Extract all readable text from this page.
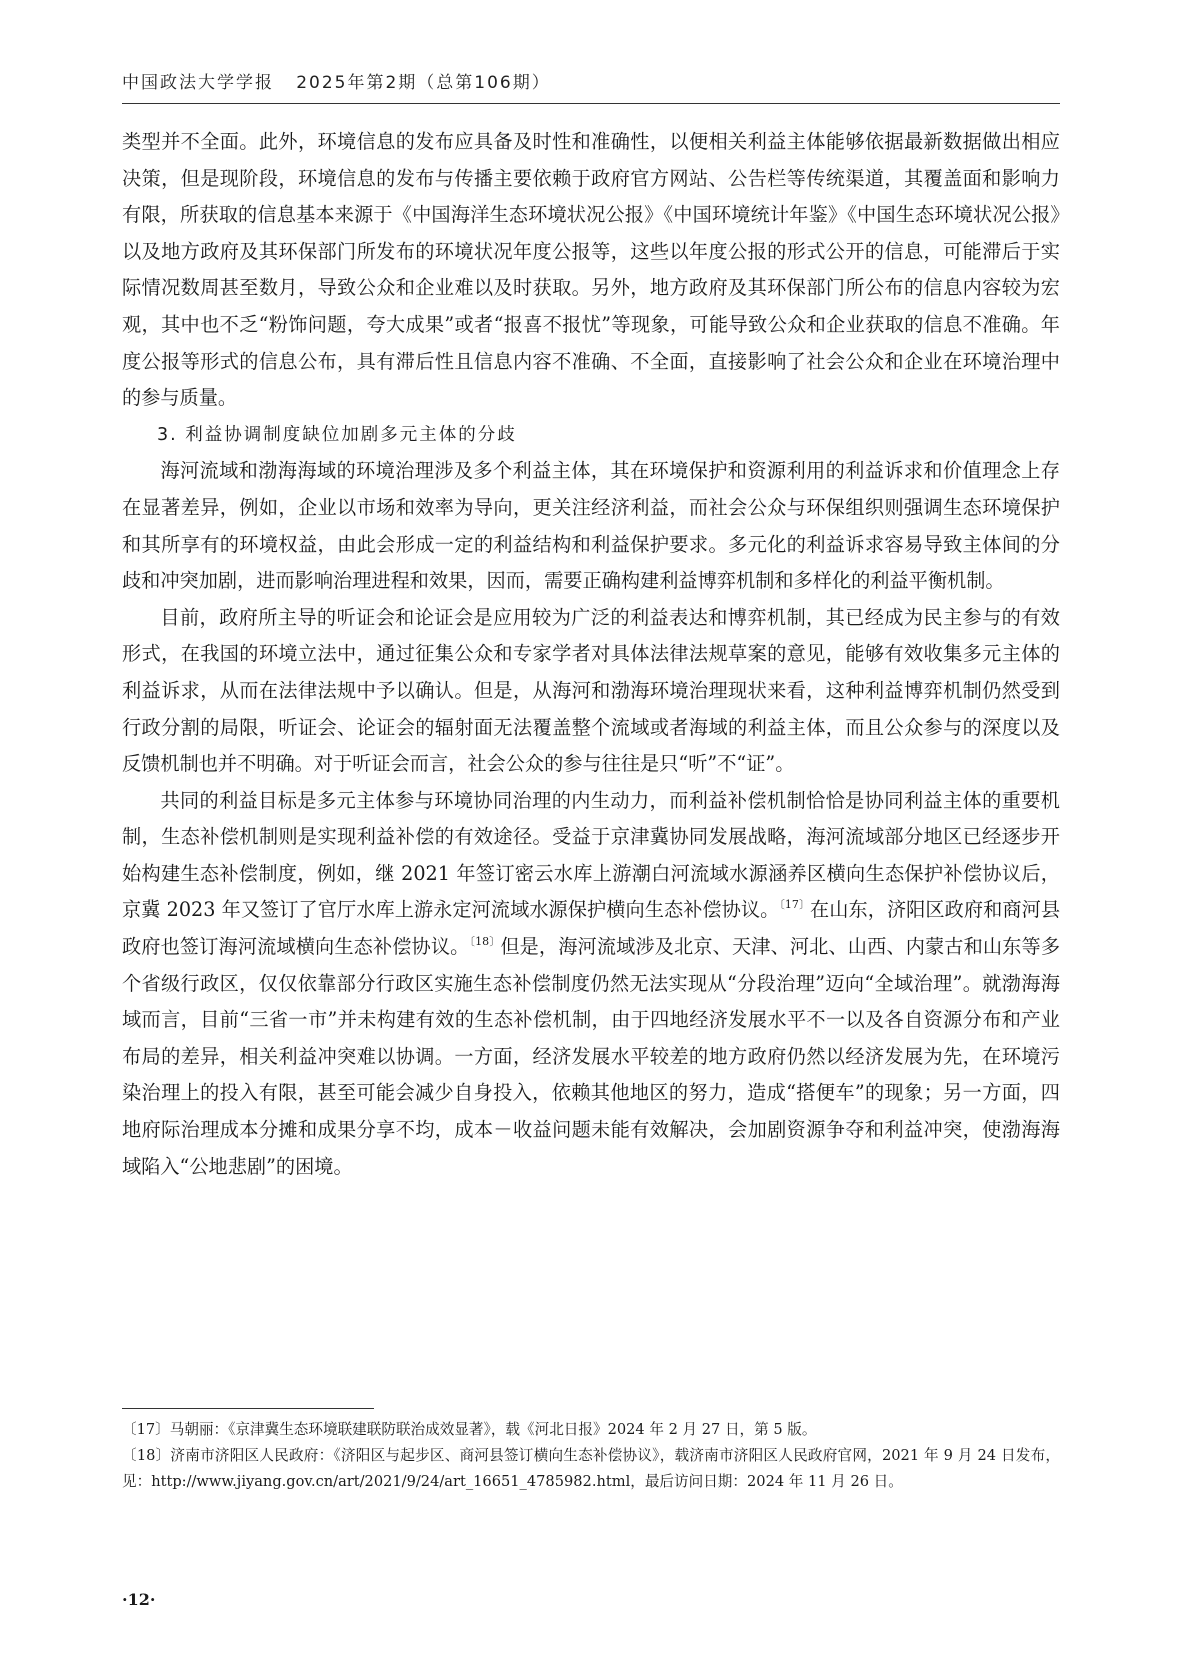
中国政法大学学报 2025年第2期（总第106期）

类型并不全面。此外，环境信息的发布应具备及时性和准确性，以便相关利益主体能够依据最新数据做出相应决策，但是现阶段，环境信息的发布与传播主要依赖于政府官方网站、公告栏等传统渠道，其覆盖面和影响力有限，所获取的信息基本来源于《中国海洋生态环境状况公报》《中国环境统计年鉴》《中国生态环境状况公报》以及地方政府及其环保部门所发布的环境状况年度公报等，这些以年度公报的形式公开的信息，可能滞后于实际情况数周甚至数月，导致公众和企业难以及时获取。另外，地方政府及其环保部门所公布的信息内容较为宏观，其中也不乏“粉饰问题，夸大成果”或者“报喜不报忧”等现象，可能导致公众和企业获取的信息不准确。年度公报等形式的信息公布，具有滞后性且信息内容不准确、不全面，直接影响了社会公众和企业在环境治理中的参与质量。

3. 利益协调制度缺位加剧多元主体的分歧

海河流域和渤海海域的环境治理涉及多个利益主体，其在环境保护和资源利用的利益诉求和价值理念上存在显著差异，例如，企业以市场和效率为导向，更关注经济利益，而社会公众与环保组织则强调生态环境保护和其所享有的环境权益，由此会形成一定的利益结构和利益保护要求。多元化的利益诉求容易导致主体间的分歧和冲突加剧，进而影响治理进程和效果，因而，需要正确构建利益博弈机制和多样化的利益平衡机制。

目前，政府所主导的听证会和论证会是应用较为广泛的利益表达和博弈机制，其已经成为民主参与的有效形式，在我国的环境立法中，通过征集公众和专家学者对具体法律法规草案的意见，能够有效收集多元主体的利益诉求，从而在法律法规中予以确认。但是，从海河和渤海环境治理现状来看，这种利益博弈机制仍然受到行政分割的局限，听证会、论证会的辐射面无法覆盖整个流域或者海域的利益主体，而且公众参与的深度以及反馈机制也并不明确。对于听证会而言，社会公众的参与往往是只“听”不“证”。

共同的利益目标是多元主体参与环境协同治理的内生动力，而利益补偿机制恰恰是协同利益主体的重要机制，生态补偿机制则是实现利益补偿的有效途径。受益于京津冀协同发展战略，海河流域部分地区已经逐步开始构建生态补偿制度，例如，继 2021 年签订密云水库上游潮白河流域水源涵养区横向生态保护补偿协议后，京冀 2023 年又签订了官厅水库上游永定河流域水源保护横向生态补偿协议。$^{〔17〕}$在山东，济阳区政府和商河县政府也签订海河流域横向生态补偿协议。$^{〔18〕}$但是，海河流域涉及北京、天津、河北、山西、内蒙古和山东等多个省级行政区，仅仅依靠部分行政区实施生态补偿制度仍然无法实现从“分段治理”迈向“全域治理”。就渤海海域而言，目前“三省一市”并未构建有效的生态补偿机制，由于四地经济发展水平不一以及各自资源分布和产业布局的差异，相关利益冲突难以协调。一方面，经济发展水平较差的地方政府仍然以经济发展为先，在环境污染治理上的投入有限，甚至可能会减少自身投入，依赖其他地区的努力，造成“搭便车”的现象；另一方面，四地府际治理成本分摊和成果分享不均，成本－收益问题未能有效解决，会加剧资源争夺和利益冲突，使渤海海域陷入“公地悲剧”的困境。

〔17〕马朝丽：《京津冀生态环境联建联防联治成效显著》，载《河北日报》2024 年 2 月 27 日，第 5 版。

〔18〕济南市济阳区人民政府：《济阳区与起步区、商河县签订横向生态补偿协议》，载济南市济阳区人民政府官网，2021 年 9 月 24 日发布，见：http://www.jiyang.gov.cn/art/2021/9/24/art_16651_4785982.html，最后访问日期：2024 年 11 月 26 日。

·12·
